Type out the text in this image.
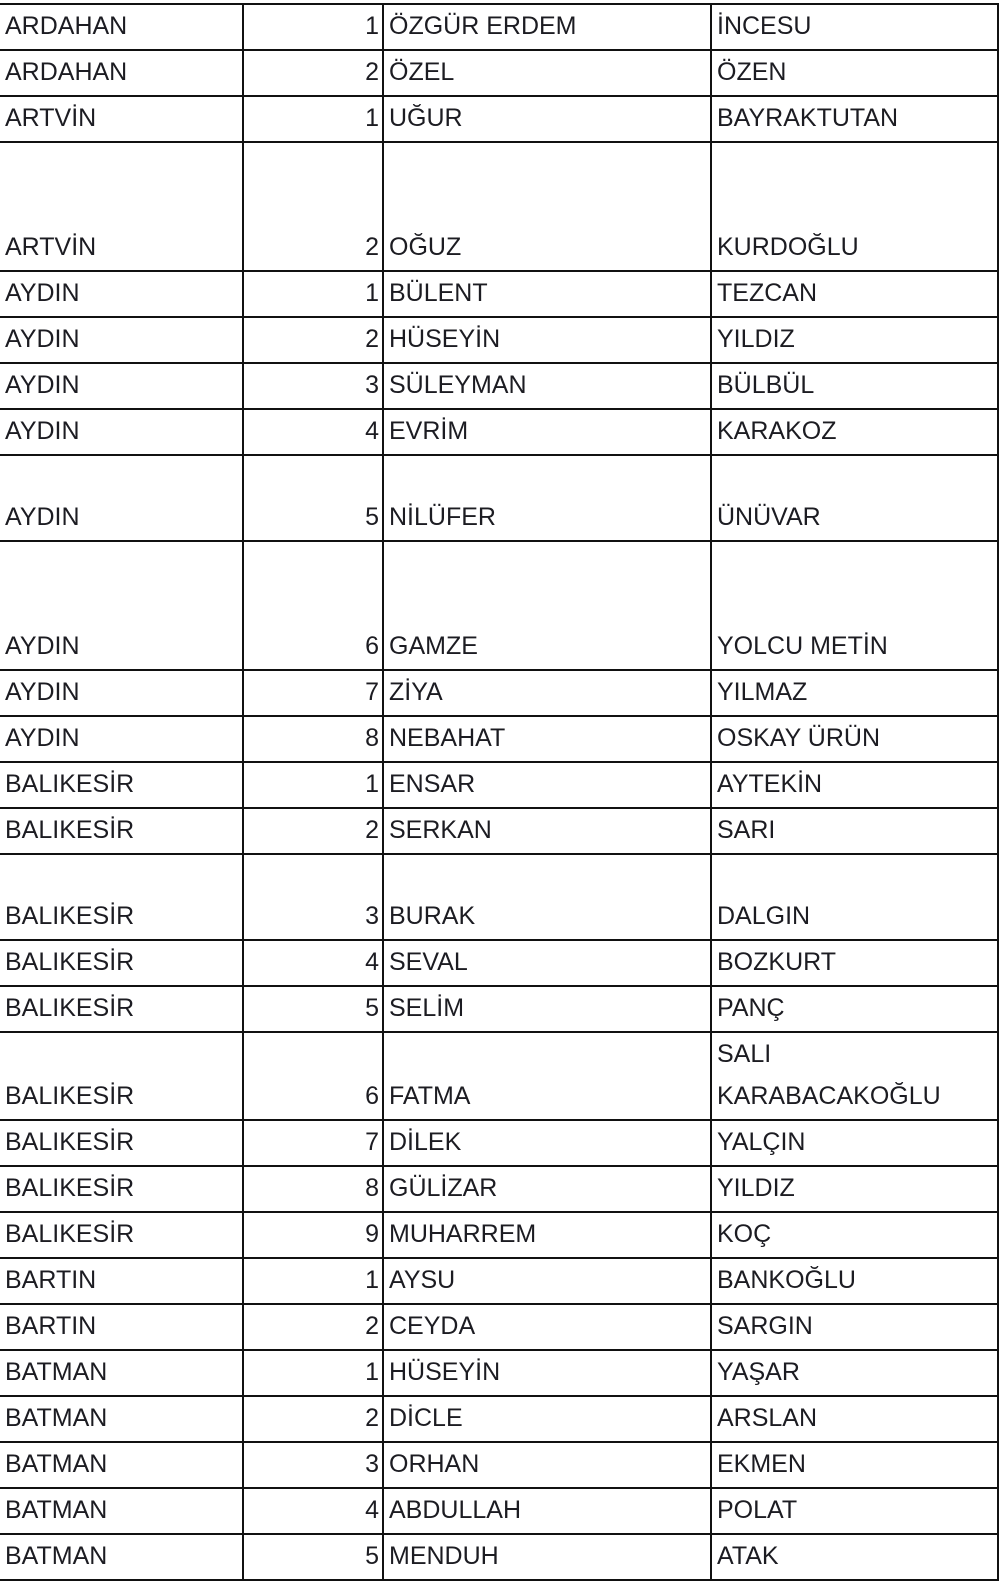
ARDAHAN	1	ÖZGÜR ERDEM	İNCESU
ARDAHAN	2	ÖZEL	ÖZEN
ARTVİN	1	UĞUR	BAYRAKTUTAN
ARTVİN	2	OĞUZ	KURDOĞLU
AYDIN	1	BÜLENT	TEZCAN
AYDIN	2	HÜSEYİN	YILDIZ
AYDIN	3	SÜLEYMAN	BÜLBÜL
AYDIN	4	EVRİM	KARAKOZ
AYDIN	5	NİLÜFER	ÜNÜVAR
AYDIN	6	GAMZE	YOLCU METİN
AYDIN	7	ZİYA	YILMAZ
AYDIN	8	NEBAHAT	OSKAY ÜRÜN
BALIKESİR	1	ENSAR	AYTEKİN
BALIKESİR	2	SERKAN	SARI
BALIKESİR	3	BURAK	DALGIN
BALIKESİR	4	SEVAL	BOZKURT
BALIKESİR	5	SELİM	PANÇ
BALIKESİR	6	FATMA	SALI
KARABACAKOĞLU
BALIKESİR	7	DİLEK	YALÇIN
BALIKESİR	8	GÜLİZAR	YILDIZ
BALIKESİR	9	MUHARREM	KOÇ
BARTIN	1	AYSU	BANKOĞLU
BARTIN	2	CEYDA	SARGIN
BATMAN	1	HÜSEYİN	YAŞAR
BATMAN	2	DİCLE	ARSLAN
BATMAN	3	ORHAN	EKMEN
BATMAN	4	ABDULLAH	POLAT
BATMAN	5	MENDUH	ATAK
